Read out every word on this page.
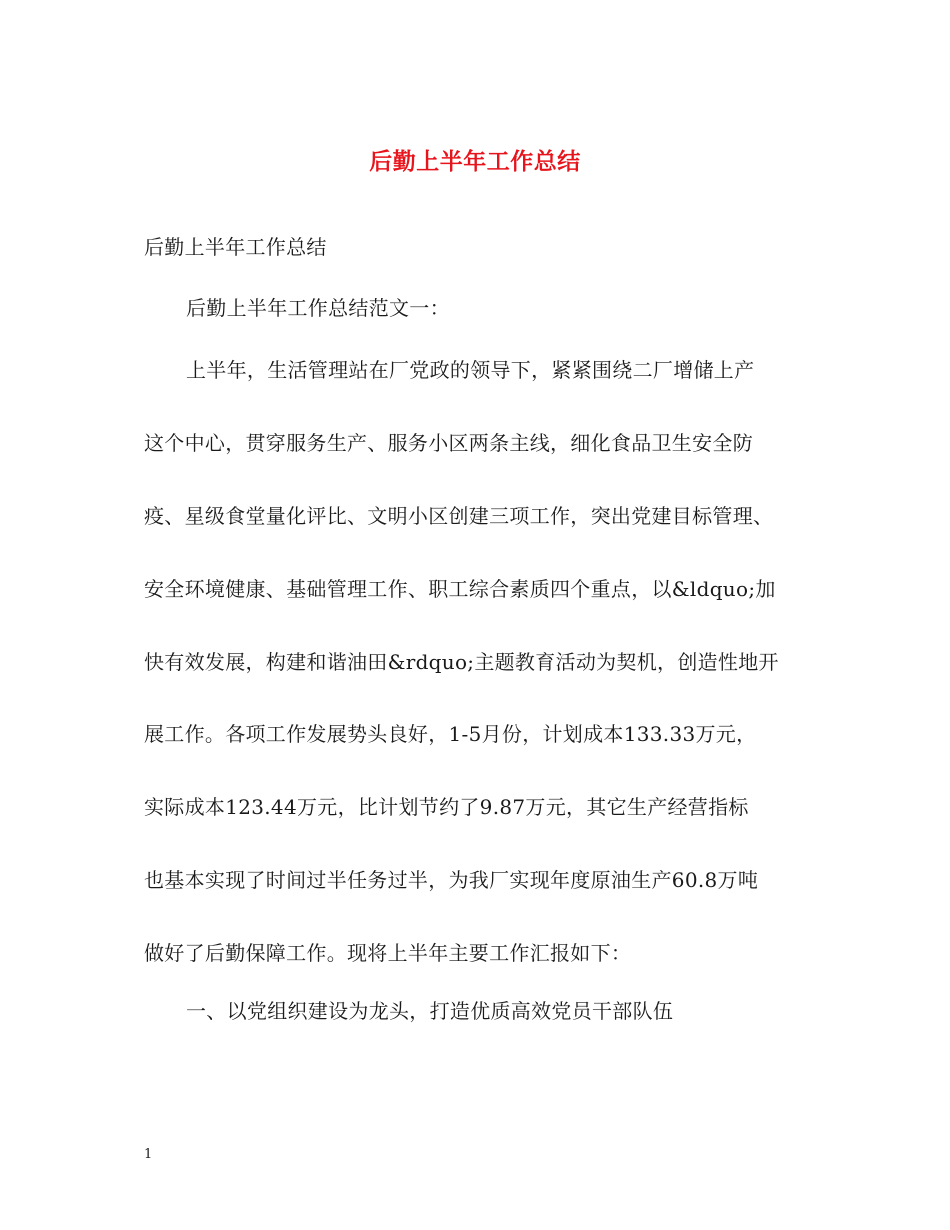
后勤上半年工作总结
后勤上半年工作总结
后勤上半年工作总结范文一：
上半年，生活管理站在厂党政的领导下，紧紧围绕二厂增储上产
这个中心，贯穿服务生产、服务小区两条主线，细化食品卫生安全防
疫、星级食堂量化评比、文明小区创建三项工作，突出党建目标管理、
安全环境健康、基础管理工作、职工综合素质四个重点，以&ldquo;加
快有效发展，构建和谐油田&rdquo;主题教育活动为契机，创造性地开
展工作。各项工作发展势头良好，1-5月份，计划成本133.33万元，
实际成本123.44万元，比计划节约了9.87万元，其它生产经营指标
也基本实现了时间过半任务过半，为我厂实现年度原油生产60.8万吨
做好了后勤保障工作。现将上半年主要工作汇报如下：
一、以党组织建设为龙头，打造优质高效党员干部队伍
1
